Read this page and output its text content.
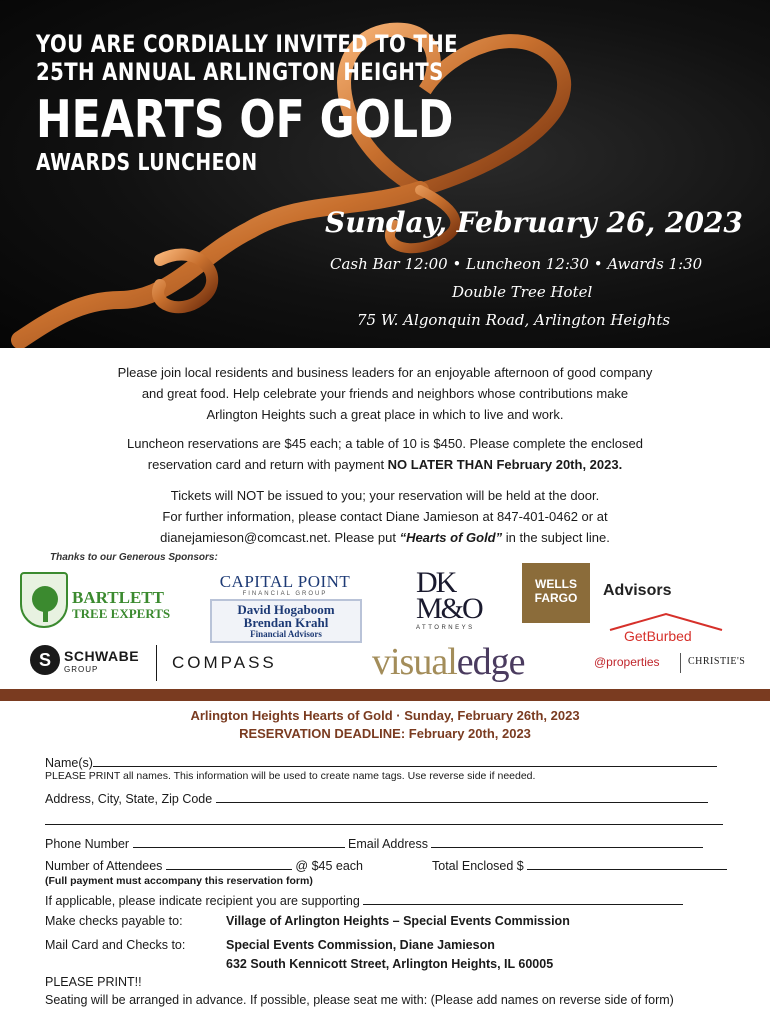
YOU ARE CORDIALLY INVITED TO THE
25TH ANNUAL ARLINGTON HEIGHTS
HEARTS OF GOLD
AWARDS LUNCHEON
Sunday, February 26, 2023
Cash Bar 12:00 • Luncheon 12:30 • Awards 1:30
Double Tree Hotel
75 W. Algonquin Road, Arlington Heights
Please join local residents and business leaders for an enjoyable afternoon of good company
and great food. Help celebrate your friends and neighbors whose contributions make
Arlington Heights such a great place in which to live and work.
Luncheon reservations are $45 each; a table of 10 is $450. Please complete the enclosed
reservation card and return with payment NO LATER THAN February 20th, 2023.
Tickets will NOT be issued to you; your reservation will be held at the door.
For further information, please contact Diane Jamieson at 847-401-0462 or at
dianejamieson@comcast.net. Please put “Hearts of Gold” in the subject line.
Thanks to our Generous Sponsors:
BARTLETT
TREE EXPERTS
CAPITAL POINT
FINANCIAL GROUP
David Hogaboom
Brendan Krahl
Financial Advisors
DK
M&O
ATTORNEYS
WELLS
FARGO	Advisors
GetBurbed
S SCHWABE
GROUP	COMPASS	visualedge	@properties	CHRISTIE'S
Arlington Heights Hearts of Gold · Sunday, February 26th, 2023
RESERVATION DEADLINE: February 20th, 2023
Name(s)
PLEASE PRINT all names. This information will be used to create name tags. Use reverse side if needed.
Address, City, State, Zip Code
Phone Number	Email Address
Number of Attendees	@ $45 each	Total Enclosed $
(Full payment must accompany this reservation form)
If applicable, please indicate recipient you are supporting
Make checks payable to:	Village of Arlington Heights – Special Events Commission
Mail Card and Checks to:	Special Events Commission, Diane Jamieson
632 South Kennicott Street, Arlington Heights, IL 60005
PLEASE PRINT!!
Seating will be arranged in advance. If possible, please seat me with: (Please add names on reverse side of form)
